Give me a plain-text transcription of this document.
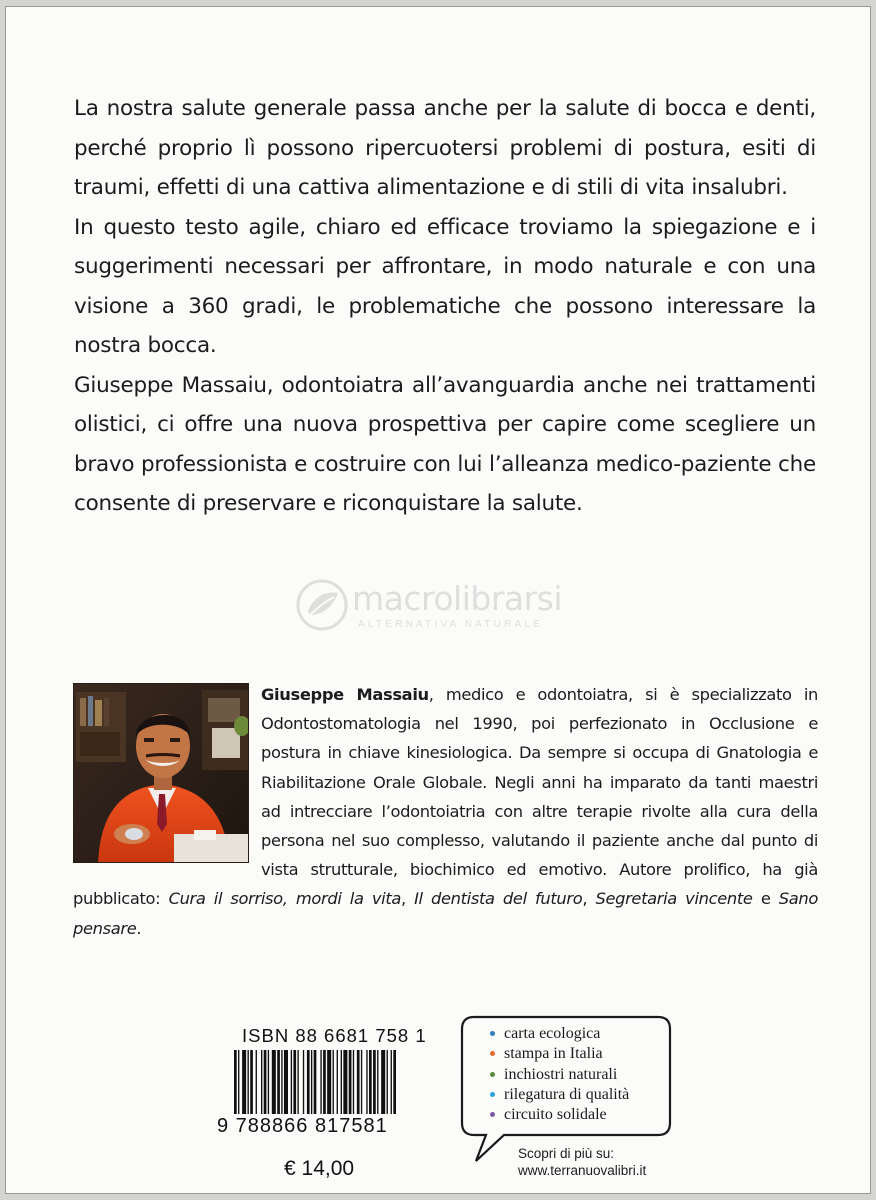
La nostra salute generale passa anche per la salute di bocca e denti, perché proprio lì possono ripercuotersi problemi di postura, esiti di traumi, effetti di una cattiva alimentazione e di stili di vita insalubri.

In questo testo agile, chiaro ed efficace troviamo la spiegazione e i suggerimenti necessari per affrontare, in modo naturale e con una visione a 360 gradi, le problematiche che possono interessare la nostra bocca.

Giuseppe Massaiu, odontoiatra all’avanguardia anche nei trattamenti olistici, ci offre una nuova prospettiva per capire come scegliere un bravo professionista e costruire con lui l’alleanza medico-paziente che consente di preservare e riconquistare la salute.

macrolibrarsi
ALTERNATIVA NATURALE
Giuseppe Massaiu, medico e odontoiatra, si è specializzato in Odontostomatologia nel 1990, poi perfezionato in Occlusione e postura in chiave kinesiologica. Da sempre si occupa di Gnatologia e Riabilitazione Orale Globale. Negli anni ha imparato da tanti maestri ad intrecciare l’odontoiatria con altre terapie rivolte alla cura della persona nel suo complesso, valutando il paziente anche dal punto di vista strutturale, biochimico ed emotivo. Autore prolifico, ha già pubblicato: Cura il sorriso, mordi la vita, Il dentista del futuro, Segretaria vincente e Sano pensare.
ISBN 88 6681 758 1
9 788866 817581
€ 14,00
carta ecologica
stampa in Italia
inchiostri naturali
rilegatura di qualità
circuito solidale
Scopri di più su:
www.terranuovalibri.it
